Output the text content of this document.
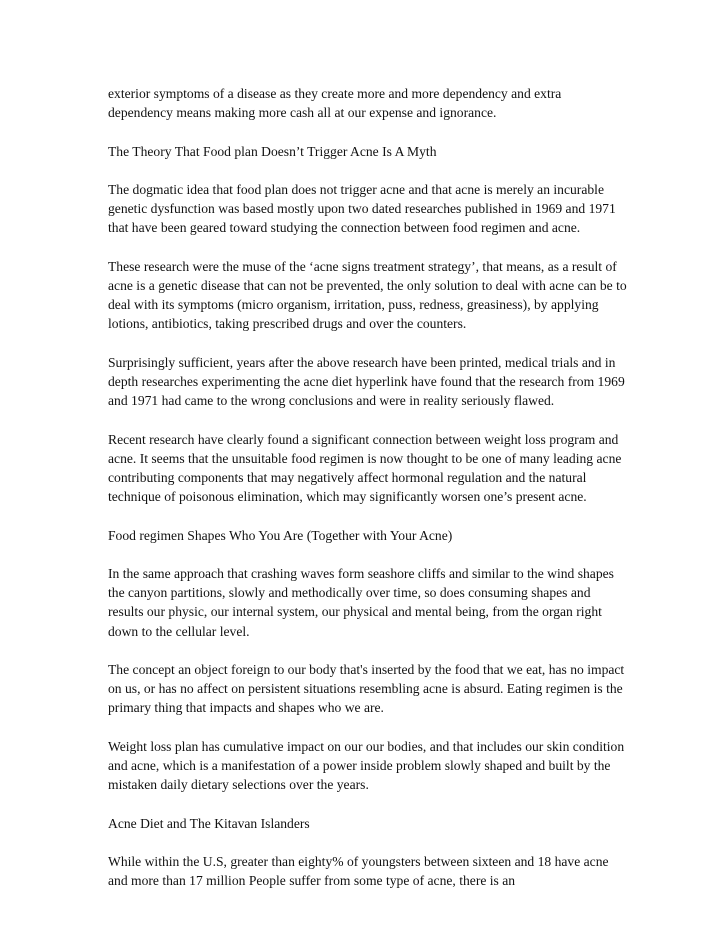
exterior symptoms of a disease as they create more and more dependency and extra dependency means making more cash all at our expense and ignorance.

The Theory That Food plan Doesn’t Trigger Acne Is A Myth

The dogmatic idea that food plan does not trigger acne and that acne is merely an incurable genetic dysfunction was based mostly upon two dated researches published in 1969 and 1971 that have been geared toward studying the connection between food regimen and acne.

These research were the muse of the ‘acne signs treatment strategy’, that means, as a result of acne is a genetic disease that can not be prevented, the only solution to deal with acne can be to deal with its symptoms (micro organism, irritation, puss, redness, greasiness), by applying lotions, antibiotics, taking prescribed drugs and over the counters.

Surprisingly sufficient, years after the above research have been printed, medical trials and in depth researches experimenting the acne diet hyperlink have found that the research from 1969 and 1971 had came to the wrong conclusions and were in reality seriously flawed.

Recent research have clearly found a significant connection between weight loss program and acne. It seems that the unsuitable food regimen is now thought to be one of many leading acne contributing components that may negatively affect hormonal regulation and the natural technique of poisonous elimination, which may significantly worsen one’s present acne.

Food regimen Shapes Who You Are (Together with Your Acne)

In the same approach that crashing waves form seashore cliffs and similar to the wind shapes the canyon partitions, slowly and methodically over time, so does consuming shapes and results our physic, our internal system, our physical and mental being, from the organ right down to the cellular level.

The concept an object foreign to our body that's inserted by the food that we eat, has no impact on us, or has no affect on persistent situations resembling acne is absurd. Eating regimen is the primary thing that impacts and shapes who we are.

Weight loss plan has cumulative impact on our our bodies, and that includes our skin condition and acne, which is a manifestation of a power inside problem slowly shaped and built by the mistaken daily dietary selections over the years.

Acne Diet and The Kitavan Islanders

While within the U.S, greater than eighty% of youngsters between sixteen and 18 have acne and more than 17 million People suffer from some type of acne, there is an
